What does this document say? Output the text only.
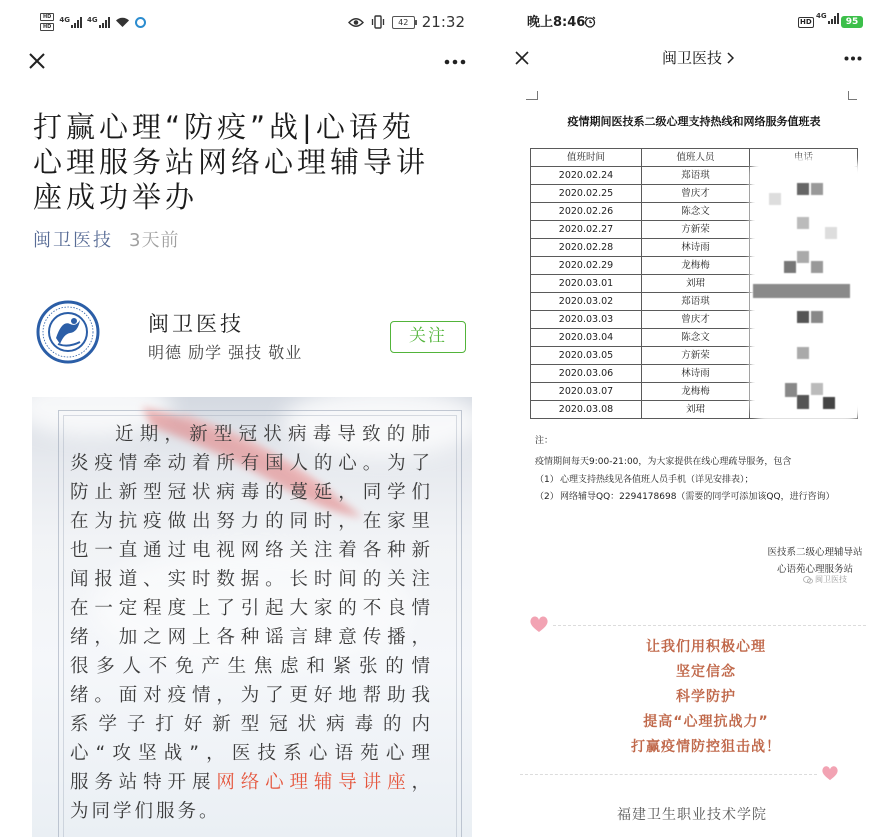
HD
HD
4G 4G	42 21:32
打赢心理“防疫”战|心语苑
心理服务站网络心理辅导讲
座成功举办
闽卫医技 3天前
闽卫医技
明德 励学 强技 敬业
关注
近期，新型冠状病毒导致的肺
炎疫情牵动着所有国人的心。为了
防止新型冠状病毒的蔓延，同学们
在为抗疫做出努力的同时，在家里
也一直通过电视网络关注着各种新
闻报道、实时数据。长时间的关注
在一定程度上了引起大家的不良情
绪，加之网上各种谣言肆意传播，
很多人不免产生焦虑和紧张的情
绪。面对疫情，为了更好地帮助我
系学子打好新型冠状病毒的内
心“攻坚战”，医技系心语苑心理
服务站特开展网络心理辅导讲座，
为同学们服务。
晚上8:46	HD
4G
95
闽卫医技
疫情期间医技系二级心理支持热线和网络服务值班表
值班时间	值班人员	电话
2020.02.24	郑语琪	
2020.02.25	曾庆才	
2020.02.26	陈念文	
2020.02.27	方新荣	
2020.02.28	林诗雨	
2020.02.29	龙梅梅	
2020.03.01	刘珺	
2020.03.02	郑语琪	
2020.03.03	曾庆才	
2020.03.04	陈念文	
2020.03.05	方新荣	
2020.03.06	林诗雨	
2020.03.07	龙梅梅	
2020.03.08	刘珺	
注：
疫情期间每天9:00-21:00，为大家提供在线心理疏导服务，包含
（1）心理支持热线见各值班人员手机（详见安排表）；
（2）网络辅导QQ：2294178698（需要的同学可添加该QQ，进行咨询）
医技系二级心理辅导站
心语苑心理服务站
闽卫医技
让我们用积极心理
坚定信念
科学防护
提高“心理抗战力”
打赢疫情防控狙击战！
福建卫生职业技术学院
